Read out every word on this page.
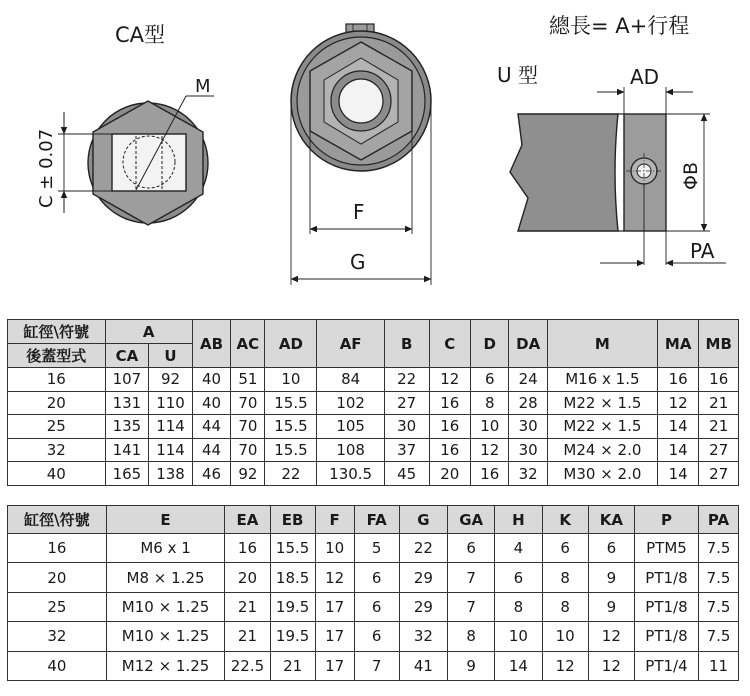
CA型
M
C ± 0.07
F
G
總長= A+行程
U 型	AD
ΦB
PA
缸徑\符號	A		AB	AC	AD	AF	B	C	D	DA	M	MA	MB
後蓋型式	CA	U											
16	107	92	40	51	10	84	22	12	6	24	M16 x 1.5	16	16
20	131	110	40	70	15.5	102	27	16	8	28	M22 × 1.5	12	21
25	135	114	44	70	15.5	105	30	16	10	30	M22 × 1.5	14	21
32	141	114	44	70	15.5	108	37	16	12	30	M24 × 2.0	14	27
40	165	138	46	92	22	130.5	45	20	16	32	M30 × 2.0	14	27
缸徑\符號	E	EA	EB	F	FA	G	GA	H	K	KA	P	PA
16	M6 x 1	16	15.5	10	5	22	6	4	6	6	PTM5	7.5
20	M8 × 1.25	20	18.5	12	6	29	7	6	8	9	PT1/8	7.5
25	M10 × 1.25	21	19.5	17	6	29	7	8	8	9	PT1/8	7.5
32	M10 × 1.25	21	19.5	17	6	32	8	10	10	12	PT1/8	7.5
40	M12 × 1.25	22.5	21	17	7	41	9	14	12	12	PT1/4	11
